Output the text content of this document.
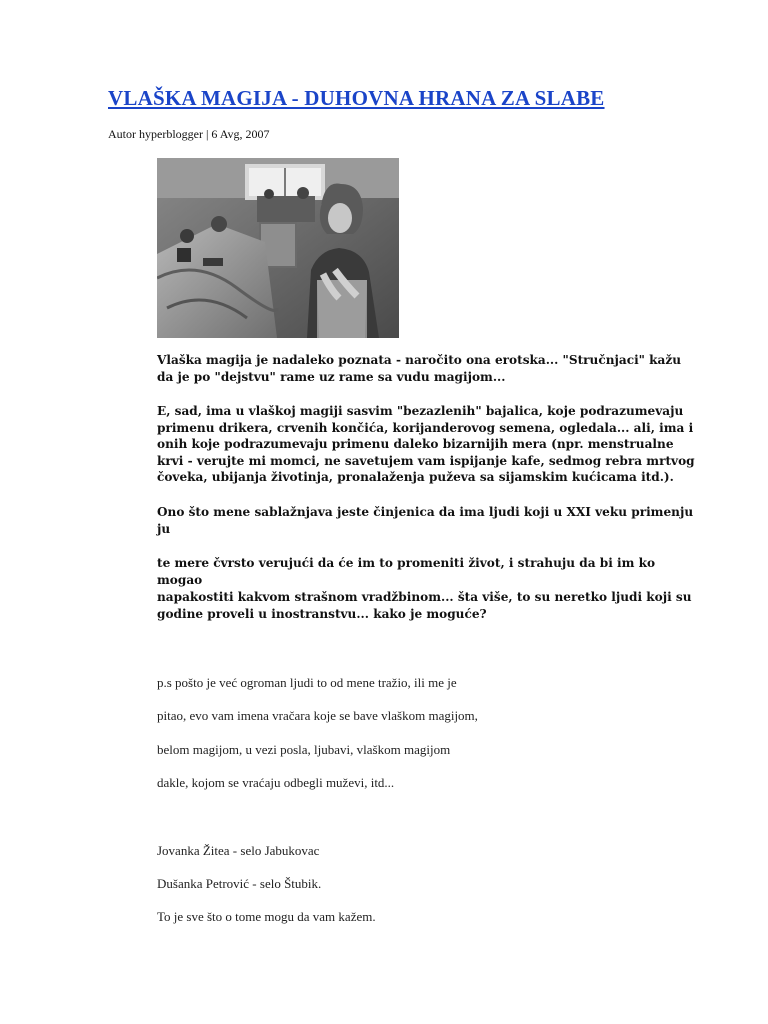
VLAŠKA MAGIJA - DUHOVNA HRANA ZA SLABE
Autor hyperblogger | 6 Avg, 2007
Vlaška magija je nadaleko poznata - naročito ona erotska... "Stručnjaci" kažu da je po "dejstvu" rame uz rame sa vudu magijom...
E, sad, ima u vlaškoj magiji sasvim "bezazlenih" bajalica, koje podrazumevaju primenu drikera, crvenih končića, korijanderovog semena, ogledala... ali, ima i onih koje podrazumevaju primenu daleko bizarnijih mera (npr. menstrualne krvi - verujte mi momci, ne savetujem vam ispijanje kafe, sedmog rebra mrtvog čoveka, ubijanja životinja, pronalaženja puževa sa sijamskim kućicama itd.).
Ono što mene sablažnjava jeste činjenica da ima ljudi koji u XXI veku primenju ju
te mere čvrsto verujući da će im to promeniti život, i strahuju da bi im ko mogao
napakostiti kakvom strašnom vradžbinom... šta više, to su neretko ljudi koji su godine proveli u inostranstvu... kako je moguće?
p.s pošto je već ogroman ljudi to od mene tražio, ili me je
pitao, evo vam imena vračara koje se bave vlaškom magijom,
belom magijom, u vezi posla, ljubavi, vlaškom magijom
dakle, kojom se vraćaju odbegli muževi, itd...
Jovanka Žitea - selo Jabukovac
Dušanka Petrović - selo Štubik.
To je sve što o tome mogu da vam kažem.
